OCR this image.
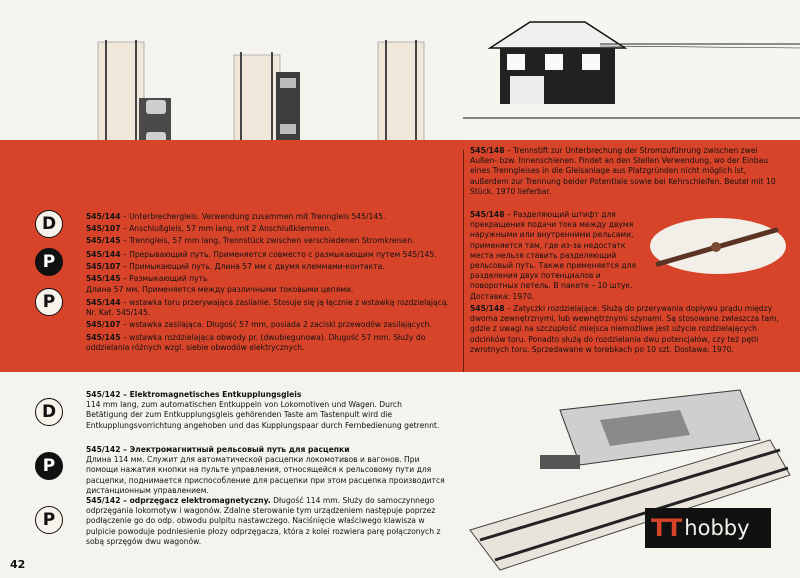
D
P
P

545/144 – Unterbrechergleis. Verwendung zusammen mit Trenngleis 545/145.

545/107 – Anschlußgleis, 57 mm lang, mit 2 Anschlußklemmen.

545/145 – Trenngleis, 57 mm lang, Trennstück zwischen verschiedenen Stromkreisen.

545/144 – Прерывающий путь. Применяется совместо с размыкающим путем 545/145.

545/107 – Примыкающий путь. Длина 57 мм с двумя клеммами-контакта.

545/145 – Размыкающий путь

Длина 57 мм. Применяется между различными токовыми цепями.

545/144 – wstawka toru przerywająca zasilanie. Stosuje się ją łącznie z wstawką rozdzielającą. Nr. Kat. 545/145.

545/107 – wstawka zasilająca. Długość 57 mm, posiada 2 zaciski przewodów zasilających.

545/145 – wstawka rozdzielająca obwody pr. (dwubiegunowa). Długość 57 mm. Służy do oddzielania różnych wzgl. siebie obwodów elektrycznych.

545/148 – Trennstift zur Unterbrechung der Stromzuführung zwischen zwei Außen- bzw. Innenschienen. Findet an den Stellen Verwendung, wo der Einbau eines Trenngleises in die Gleisanlage aus Platzgründen nicht möglich ist, außerdem zur Trennung beider Potentiale sowie bei Kehrschleifen. Beutel mit 10 Stück. 1970 lieferbar.

545/148 – Разделяющий штифт для прекращения подачи тока между двумя наружными или внутренними рельсами, применяется там, где из-за недостатк места нельзя ставить разделяющий рельсовый путь. Также применяется для разделения двух потенциалов и поворотных петель. В пакете – 10 штук. Доставка: 1970.

545/148 – Zatyczki rozdzielające. Służą do przerywania dopływu prądu między dwoma zewnętrznymi, lub wewnętrznymi szynami. Są stosowane zwłaszcza tam, gdzie z uwagi na szczupłość miejsca niemożliwe jest użycie rozdzielających odcinków toru. Ponadto służą do rozdzielania dwu potencjałów, czy też pętli zwrotnych toru. Sprzedawane w torebkach po 10 szt. Dostawa: 1970.

D
P
P

545/142 – Elektromagnetisches Entkupplungsgleis

114 mm lang, zum automatischen Entkuppeln von Lokomotiven und Wagen. Durch Betätigung der zum Entkupplungsgleis gehörenden Taste am Tastenpult wird die Entkupplungsvorrichtung angehoben und das Kupplungspaar durch Fernbedienung getrennt.

545/142 – Электромагнитный рельсовый путь для расцепки

Длина 114 мм. Служит для автоматической расцепки локомотивов и вагонов. При помощи нажатия кнопки на пульте управления, относящейся к рельсовому пути для расцепки, поднимается приспособление для расцепки при этом расцепка производится дистанционным управлением.

545/142 – odprzęgacz elektromagnetyczny. Długość 114 mm. Służy do samoczynnego odprzęgania lokomotyw i wagonów. Zdalne sterowanie tym urządzeniem następuje poprzez podłączenie go do odp. obwodu pulpitu nastawczego. Naciśnięcie właściwego klawisza w pulpicie powoduje podniesienie płozy odprzęgacza, która z kolei rozwiera parę połączonych z sobą sprzęgów dwu wagonów.	TT hobby
42
